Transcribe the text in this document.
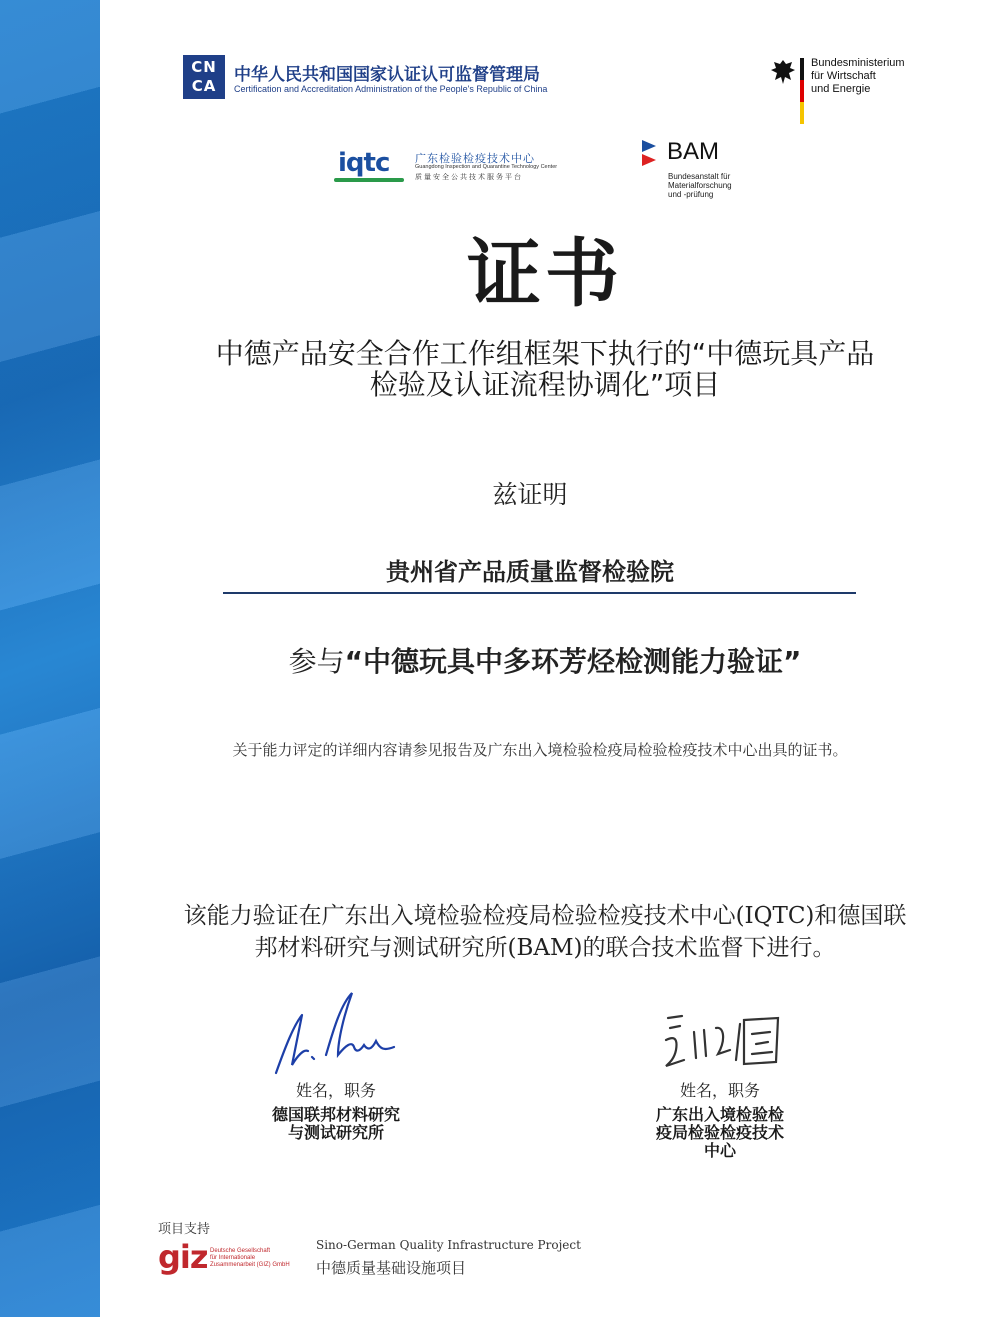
CN CA
中华人民共和国国家认证认可监督管理局
Certification and Accreditation Administration of the People's Republic of China
Bundesministerium
für Wirtschaft
und Energie
iqtc 广东检验检疫技术中心
Guangdong Inspection and Quarantine Technology Center
质量安全公共技术服务平台
BAM
Bundesanstalt für
Materialforschung
und -prüfung
证书
中德产品安全合作工作组框架下执行的“中德玩具产品
检验及认证流程协调化”项目
兹证明
贵州省产品质量监督检验院
参与“中德玩具中多环芳烃检测能力验证”
关于能力评定的详细内容请参见报告及广东出入境检验检疫局检验检疫技术中心出具的证书。
该能力验证在广东出入境检验检疫局检验检疫技术中心(IQTC)和德国联
邦材料研究与测试研究所(BAM)的联合技术监督下进行。
姓名，职务	姓名，职务
德国联邦材料研究
与测试研究所
广东出入境检验检
疫局检验检疫技术
中心
项目支持
giz Deutsche Gesellschaft
für Internationale
Zusammenarbeit (GIZ) GmbH
Sino-German Quality Infrastructure Project
中德质量基础设施项目
